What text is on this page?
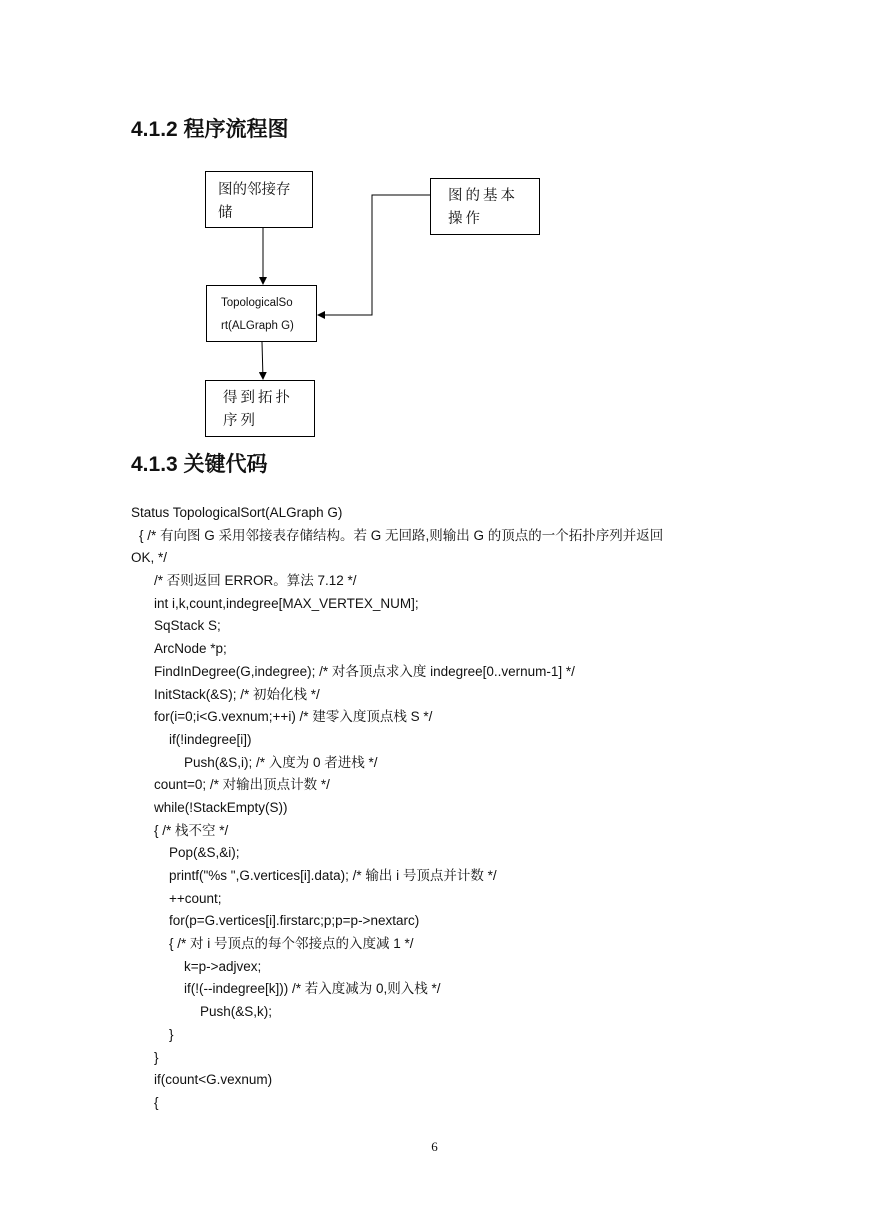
4.1.2 程序流程图
图的邻接存
储
图的基本
操作
TopologicalSo
rt(ALGraph G)
得到拓扑
序列
4.1.3 关键代码
Status TopologicalSort(ALGraph G)
{ /* 有向图 G 采用邻接表存储结构。若 G 无回路,则输出 G 的顶点的一个拓扑序列并返回
OK, */
/* 否则返回 ERROR。算法 7.12 */
int i,k,count,indegree[MAX_VERTEX_NUM];
SqStack S;
ArcNode *p;
FindInDegree(G,indegree); /* 对各顶点求入度 indegree[0..vernum-1] */
InitStack(&S); /* 初始化栈 */
for(i=0;i<G.vexnum;++i) /* 建零入度顶点栈 S */
if(!indegree[i])
Push(&S,i); /* 入度为 0 者进栈 */
count=0; /* 对输出顶点计数 */
while(!StackEmpty(S))
{ /* 栈不空 */
Pop(&S,&i);
printf("%s ",G.vertices[i].data); /* 输出 i 号顶点并计数 */
++count;
for(p=G.vertices[i].firstarc;p;p=p->nextarc)
{ /* 对 i 号顶点的每个邻接点的入度减 1 */
k=p->adjvex;
if(!(--indegree[k])) /* 若入度减为 0,则入栈 */
Push(&S,k);
}
}
if(count<G.vexnum)
{
6
